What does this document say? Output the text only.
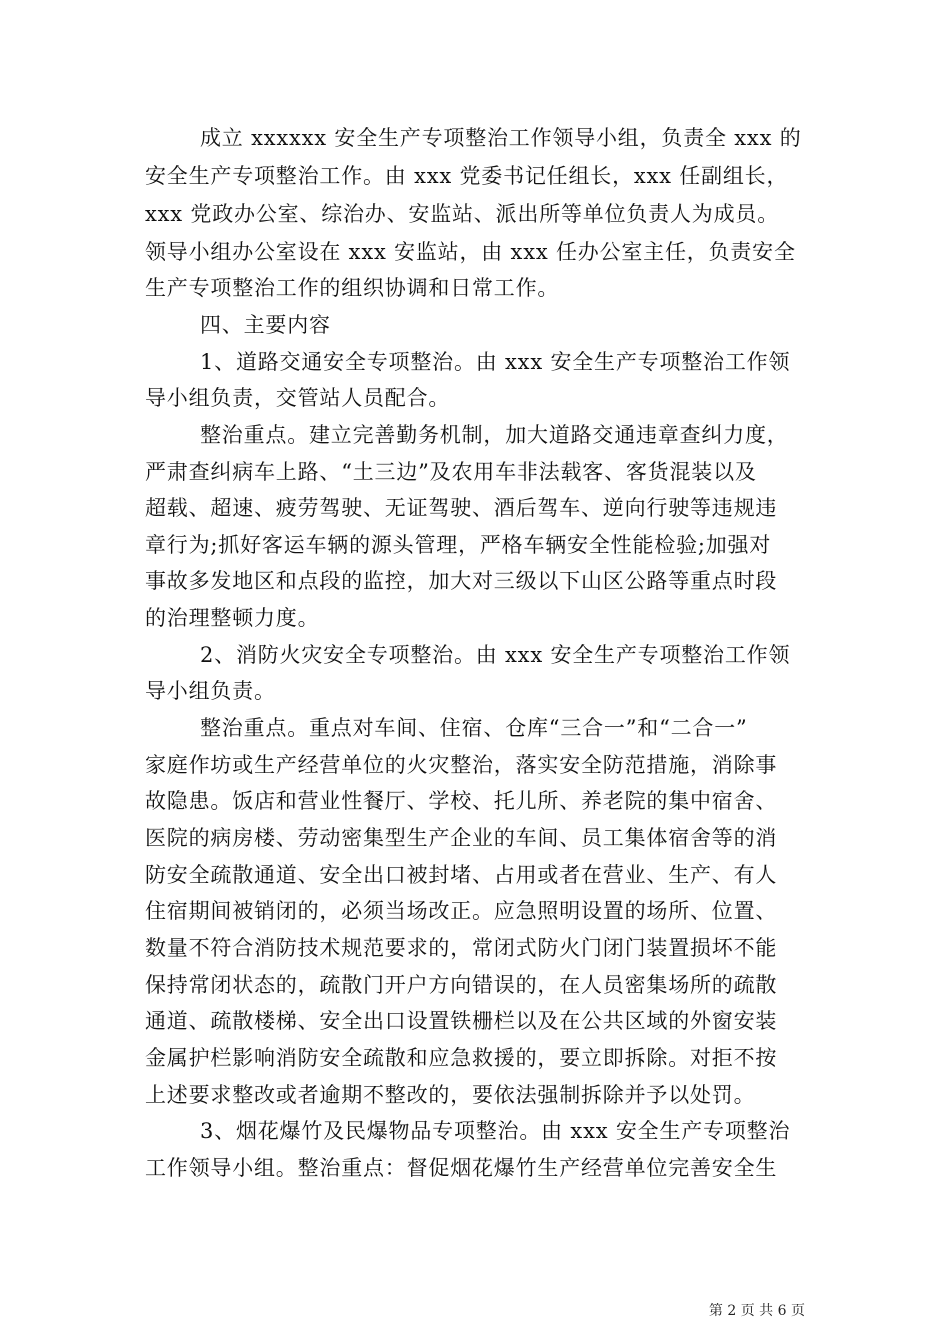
成立 xxxxxx 安全生产专项整治工作领导小组，负责全 xxx 的
安全生产专项整治工作。由 xxx 党委书记任组长，xxx 任副组长，
xxx 党政办公室、综治办、安监站、派出所等单位负责人为成员。
领导小组办公室设在 xxx 安监站，由 xxx 任办公室主任，负责安全
生产专项整治工作的组织协调和日常工作。
四、主要内容
1、道路交通安全专项整治。由 xxx 安全生产专项整治工作领
导小组负责，交管站人员配合。
整治重点。建立完善勤务机制，加大道路交通违章查纠力度，
严肃查纠病车上路、“土三边”及农用车非法载客、客货混装以及
超载、超速、疲劳驾驶、无证驾驶、酒后驾车、逆向行驶等违规违
章行为;抓好客运车辆的源头管理，严格车辆安全性能检验;加强对
事故多发地区和点段的监控，加大对三级以下山区公路等重点时段
的治理整顿力度。
2、消防火灾安全专项整治。由 xxx 安全生产专项整治工作领
导小组负责。
整治重点。重点对车间、住宿、仓库“三合一”和“二合一”
家庭作坊或生产经营单位的火灾整治，落实安全防范措施，消除事
故隐患。饭店和营业性餐厅、学校、托儿所、养老院的集中宿舍、
医院的病房楼、劳动密集型生产企业的车间、员工集体宿舍等的消
防安全疏散通道、安全出口被封堵、占用或者在营业、生产、有人
住宿期间被销闭的，必须当场改正。应急照明设置的场所、位置、
数量不符合消防技术规范要求的，常闭式防火门闭门装置损坏不能
保持常闭状态的，疏散门开户方向错误的，在人员密集场所的疏散
通道、疏散楼梯、安全出口设置铁栅栏以及在公共区域的外窗安装
金属护栏影响消防安全疏散和应急救援的，要立即拆除。对拒不按
上述要求整改或者逾期不整改的，要依法强制拆除并予以处罚。
3、烟花爆竹及民爆物品专项整治。由 xxx 安全生产专项整治
工作领导小组。整治重点：督促烟花爆竹生产经营单位完善安全生
第 2 页 共 6 页
